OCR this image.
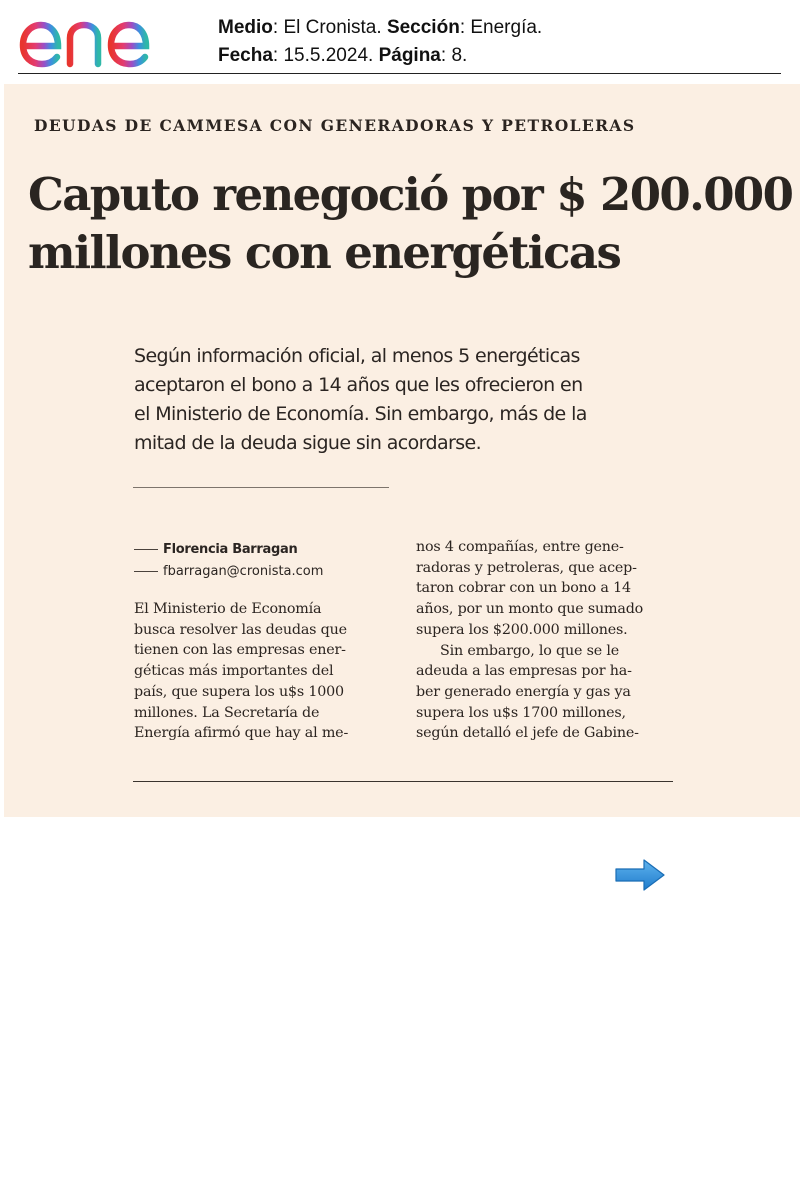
Medio: El Cronista. Sección: Energía.
Fecha: 15.5.2024. Página: 8.
DEUDAS DE CAMMESA CON GENERADORAS Y PETROLERAS
Caputo renegoció por $ 200.000
millones con energéticas

Según información oficial, al menos 5 energéticas
aceptaron el bono a 14 años que les ofrecieron en
el Ministerio de Economía. Sin embargo, más de la
mitad de la deuda sigue sin acordarse.

Florencia Barragan
fbarragan@cronista.com
El Ministerio de Economía
busca resolver las deudas que
tienen con las empresas ener-
géticas más importantes del
país, que supera los u$s 1000
millones. La Secretaría de
Energía afirmó que hay al me-
nos 4 compañías, entre gene-
radoras y petroleras, que acep-
taron cobrar con un bono a 14
años, por un monto que sumado
supera los $200.000 millones.
Sin embargo, lo que se le
adeuda a las empresas por ha-
ber generado energía y gas ya
supera los u$s 1700 millones,
según detalló el jefe de Gabine-
